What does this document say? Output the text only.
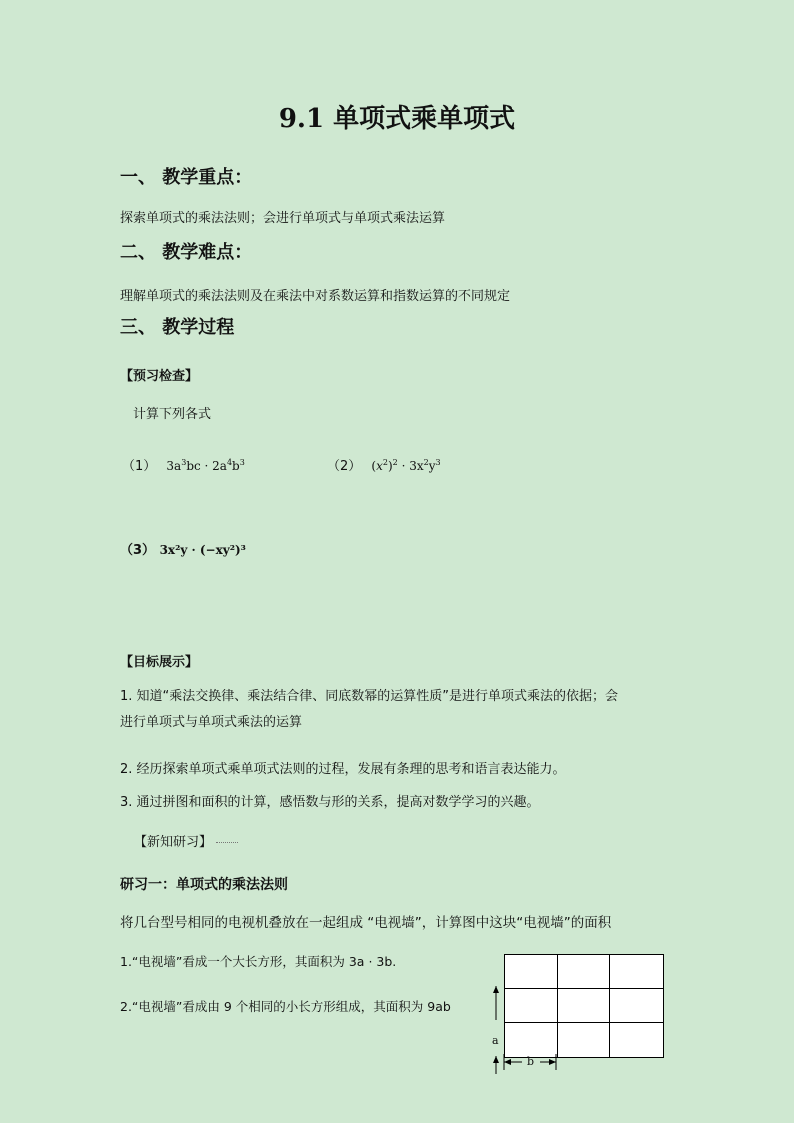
9.1 单项式乘单项式
一、 教学重点：
探索单项式的乘法法则；会进行单项式与单项式乘法运算
二、 教学难点：
理解单项式的乘法法则及在乘法中对系数运算和指数运算的不同规定
三、 教学过程
【预习检查】
计算下列各式
（1） $3a^3bc \cdot 2a^4b^3$	（2） $(x^2)^2 \cdot 3x^2y^3$
（3） 3x²y · (−xy²)³
【目标展示】
1. 知道“乘法交换律、乘法结合律、同底数幂的运算性质”是进行单项式乘法的依据；会
进行单项式与单项式乘法的运算
2. 经历探索单项式乘单项式法则的过程，发展有条理的思考和语言表达能力。
3. 通过拼图和面积的计算，感悟数与形的关系，提高对数学学习的兴趣。
【新知研习】
研习一：单项式的乘法法则
将几台型号相同的电视机叠放在一起组成 “电视墙”，计算图中这块“电视墙”的面积
1.“电视墙”看成一个大长方形，其面积为 3a · 3b.
2.“电视墙”看成由 9 个相同的小长方形组成，其面积为 9ab
a
b
